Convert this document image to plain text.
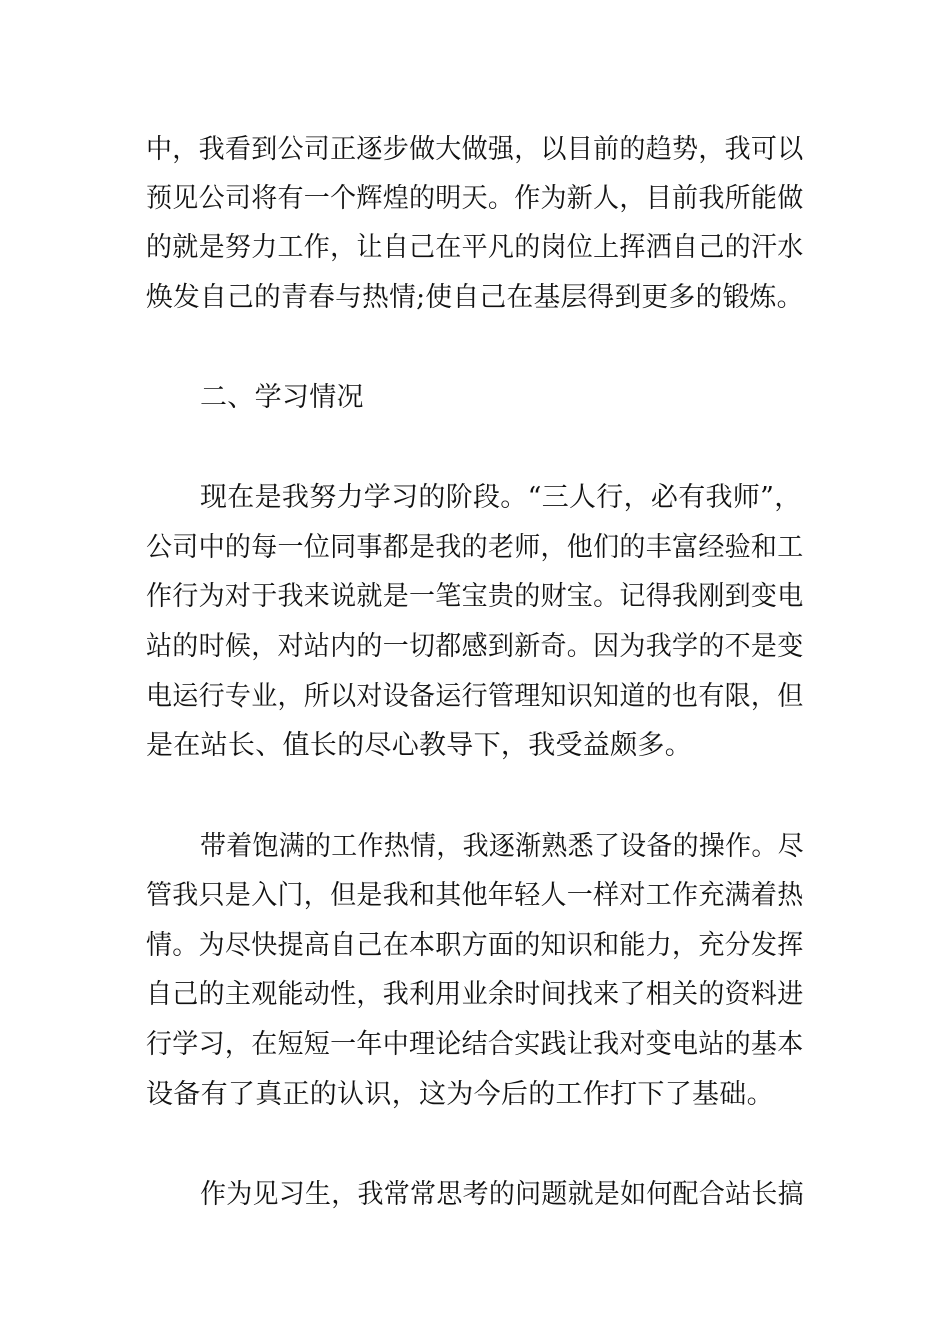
中，我看到公司正逐步做大做强，以目前的趋势，我可以
预见公司将有一个辉煌的明天。作为新人，目前我所能做
的就是努力工作，让自己在平凡的岗位上挥洒自己的汗水
焕发自己的青春与热情;使自己在基层得到更多的锻炼。
二、学习情况
现在是我努力学习的阶段。“三人行，必有我师”，
公司中的每一位同事都是我的老师，他们的丰富经验和工
作行为对于我来说就是一笔宝贵的财宝。记得我刚到变电
站的时候，对站内的一切都感到新奇。因为我学的不是变
电运行专业，所以对设备运行管理知识知道的也有限，但
是在站长、值长的尽心教导下，我受益颇多。
带着饱满的工作热情，我逐渐熟悉了设备的操作。尽
管我只是入门，但是我和其他年轻人一样对工作充满着热
情。为尽快提高自己在本职方面的知识和能力，充分发挥
自己的主观能动性，我利用业余时间找来了相关的资料进
行学习，在短短一年中理论结合实践让我对变电站的基本
设备有了真正的认识，这为今后的工作打下了基础。
作为见习生，我常常思考的问题就是如何配合站长搞
